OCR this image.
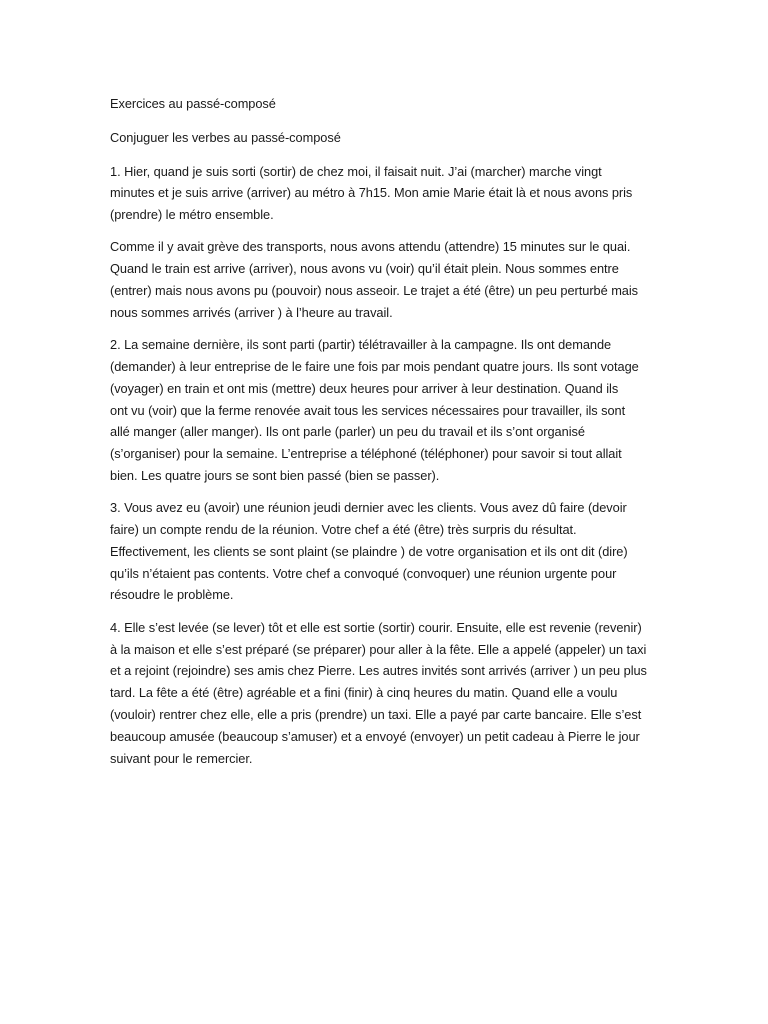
Exercices au passé-composé
Conjuguer les verbes au passé-composé
1. Hier, quand je suis sorti (sortir) de chez moi, il faisait nuit. J’ai (marcher) marche vingt
minutes et je suis arrive (arriver) au métro à 7h15. Mon amie Marie était là et nous avons pris
(prendre) le métro ensemble.
Comme il y avait grève des transports, nous avons attendu (attendre) 15 minutes sur le quai.
Quand le train est arrive (arriver), nous avons vu (voir) qu’il était plein. Nous sommes entre
(entrer) mais nous avons pu (pouvoir) nous asseoir. Le trajet a été (être) un peu perturbé mais
nous sommes arrivés (arriver ) à l’heure au travail.
2. La semaine dernière, ils sont parti (partir) télétravailler à la campagne. Ils ont demande
(demander) à leur entreprise de le faire une fois par mois pendant quatre jours. Ils sont votage
(voyager) en train et ont mis (mettre) deux heures pour arriver à leur destination. Quand ils
ont vu (voir) que la ferme renovée avait tous les services nécessaires pour travailler, ils sont
allé manger (aller manger). Ils ont parle (parler) un peu du travail et ils s’ont organisé
(s’organiser) pour la semaine. L’entreprise a téléphoné (téléphoner) pour savoir si tout allait
bien. Les quatre jours se sont bien passé (bien se passer).
3. Vous avez eu (avoir) une réunion jeudi dernier avec les clients. Vous avez dû faire (devoir
faire) un compte rendu de la réunion. Votre chef a été (être) très surpris du résultat.
Effectivement, les clients se sont plaint (se plaindre ) de votre organisation et ils ont dit (dire)
qu’ils n’étaient pas contents. Votre chef a convoqué (convoquer) une réunion urgente pour
résoudre le problème.
4. Elle s’est levée (se lever) tôt et elle est sortie (sortir) courir. Ensuite, elle est revenie (revenir)
à la maison et elle s’est préparé (se préparer) pour aller à la fête. Elle a appelé (appeler) un taxi
et a rejoint (rejoindre) ses amis chez Pierre. Les autres invités sont arrivés (arriver ) un peu plus
tard. La fête a été (être) agréable et a fini (finir) à cinq heures du matin. Quand elle a voulu
(vouloir) rentrer chez elle, elle a pris (prendre) un taxi. Elle a payé par carte bancaire. Elle s’est
beaucoup amusée (beaucoup s’amuser) et a envoyé (envoyer) un petit cadeau à Pierre le jour
suivant pour le remercier.
